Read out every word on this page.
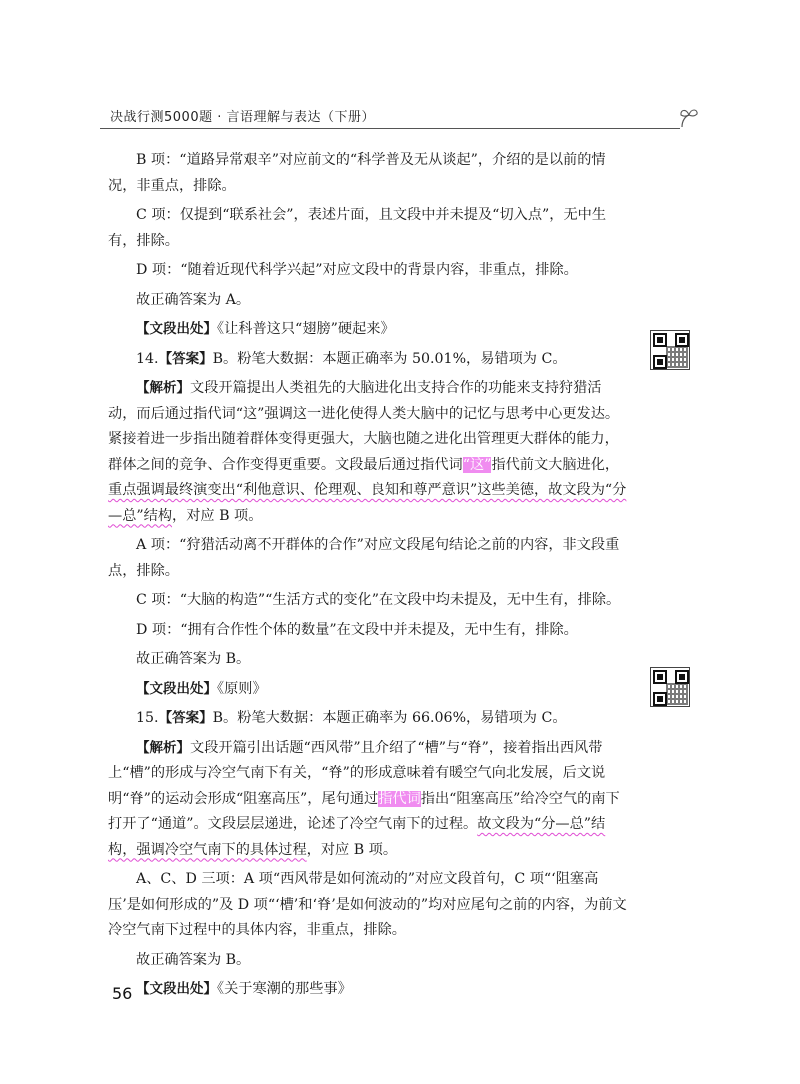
决战行测5000题 · 言语理解与表达（下册）

B 项：“道路异常艰辛”对应前文的“科学普及无从谈起”，介绍的是以前的情况，非重点，排除。

C 项：仅提到“联系社会”，表述片面，且文段中并未提及“切入点”，无中生有，排除。

D 项：“随着近现代科学兴起”对应文段中的背景内容，非重点，排除。

故正确答案为 A。

【文段出处】《让科普这只“翅膀”硬起来》

14.【答案】B。粉笔大数据：本题正确率为 50.01%，易错项为 C。

【解析】文段开篇提出人类祖先的大脑进化出支持合作的功能来支持狩猎活动，而后通过指代词“这”强调这一进化使得人类大脑中的记忆与思考中心更发达。紧接着进一步指出随着群体变得更强大，大脑也随之进化出管理更大群体的能力，群体之间的竞争、合作变得更重要。文段最后通过指代词“这”指代前文大脑进化，重点强调最终演变出“利他意识、伦理观、良知和尊严意识”这些美德，故文段为“分—总”结构，对应 B 项。

A 项：“狩猎活动离不开群体的合作”对应文段尾句结论之前的内容，非文段重点，排除。

C 项：“大脑的构造”“生活方式的变化”在文段中均未提及，无中生有，排除。

D 项：“拥有合作性个体的数量”在文段中并未提及，无中生有，排除。

故正确答案为 B。

【文段出处】《原则》

15.【答案】B。粉笔大数据：本题正确率为 66.06%，易错项为 C。

【解析】文段开篇引出话题“西风带”且介绍了“槽”与“脊”，接着指出西风带上“槽”的形成与冷空气南下有关，“脊”的形成意味着有暖空气向北发展，后文说明“脊”的运动会形成“阻塞高压”，尾句通过指代词指出“阻塞高压”给冷空气的南下打开了“通道”。文段层层递进，论述了冷空气南下的过程。故文段为“分—总”结构，强调冷空气南下的具体过程，对应 B 项。

A、C、D 三项：A 项“西风带是如何流动的”对应文段首句，C 项“‘阻塞高压’是如何形成的”及 D 项“‘槽’和‘脊’是如何波动的”均对应尾句之前的内容，为前文冷空气南下过程中的具体内容，非重点，排除。

故正确答案为 B。

【文段出处】《关于寒潮的那些事》

56
